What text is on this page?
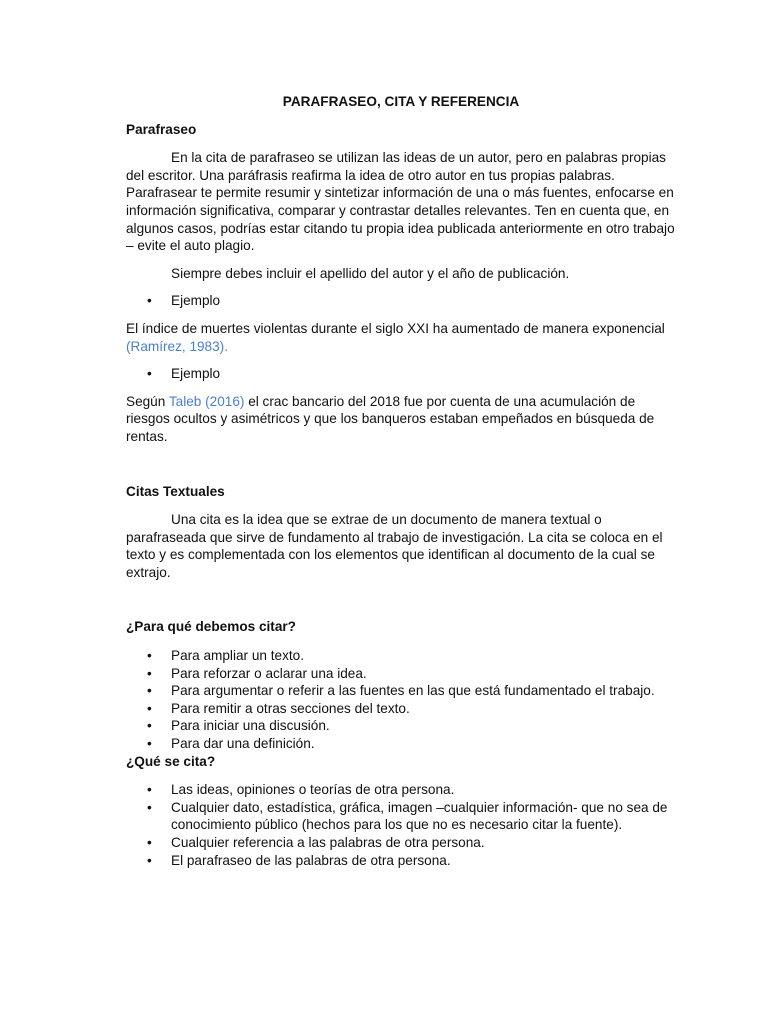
PARAFRASEO, CITA Y REFERENCIA

Parafraseo

En la cita de parafraseo se utilizan las ideas de un autor, pero en palabras propias del escritor. Una paráfrasis reafirma la idea de otro autor en tus propias palabras. Parafrasear te permite resumir y sintetizar información de una o más fuentes, enfocarse en información significativa, comparar y contrastar detalles relevantes. Ten en cuenta que, en algunos casos, podrías estar citando tu propia idea publicada anteriormente en otro trabajo – evite el auto plagio.

Siempre debes incluir el apellido del autor y el año de publicación.

• Ejemplo

El índice de muertes violentas durante el siglo XXI ha aumentado de manera exponencial (Ramírez, 1983).

• Ejemplo

Según Taleb (2016) el crac bancario del 2018 fue por cuenta de una acumulación de riesgos ocultos y asimétricos y que los banqueros estaban empeñados en búsqueda de rentas.

Citas Textuales

Una cita es la idea que se extrae de un documento de manera textual o parafraseada que sirve de fundamento al trabajo de investigación. La cita se coloca en el texto y es complementada con los elementos que identifican al documento de la cual se extrajo.

¿Para qué debemos citar?

• Para ampliar un texto.
• Para reforzar o aclarar una idea.
• Para argumentar o referir a las fuentes en las que está fundamentado el trabajo.
• Para remitir a otras secciones del texto.
• Para iniciar una discusión.
• Para dar una definición.

¿Qué se cita?

• Las ideas, opiniones o teorías de otra persona.
• Cualquier dato, estadística, gráfica, imagen –cualquier información- que no sea de conocimiento público (hechos para los que no es necesario citar la fuente).
• Cualquier referencia a las palabras de otra persona.
• El parafraseo de las palabras de otra persona.
